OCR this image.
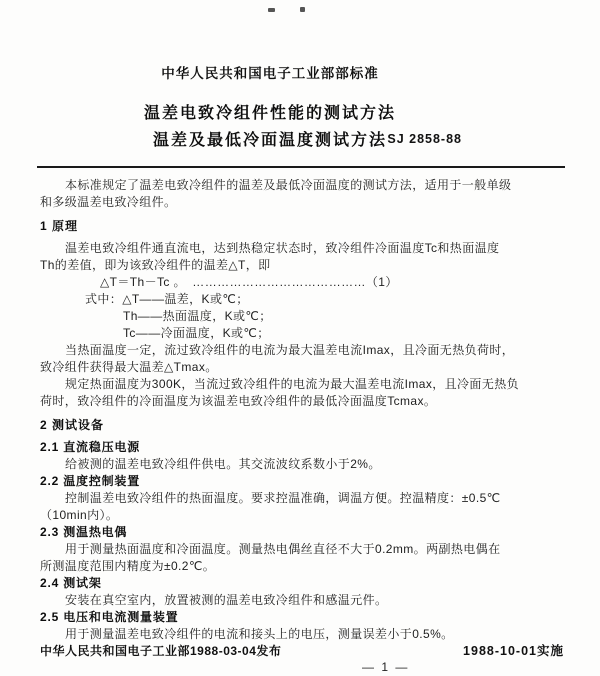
中华人民共和国电子工业部部标准
温差电致冷组件性能的测试方法
温差及最低冷面温度测试方法 SJ 2858-88
本标准规定了温差电致冷组件的温差及最低冷面温度的测试方法，适用于一般单级
和多级温差电致冷组件。
1 原理
温差电致冷组件通直流电，达到热稳定状态时，致冷组件冷面温度Tc和热面温度
Th的差值，即为该致冷组件的温差△T，即
△T＝Th－Tc 。　……………………………………（1）
式中：△T——温差，K或℃；
Th——热面温度，K或℃；
Tc——冷面温度，K或℃；
当热面温度一定，流过致冷组件的电流为最大温差电流Imax，且冷面无热负荷时，
致冷组件获得最大温差△Tmax。
规定热面温度为300K，当流过致冷组件的电流为最大温差电流Imax，且冷面无热负
荷时，致冷组件的冷面温度为该温差电致冷组件的最低冷面温度Tcmax。
2 测试设备
2.1 直流稳压电源
给被测的温差电致冷组件供电。其交流波纹系数小于2%。
2.2 温度控制装置
控制温差电致冷组件的热面温度。要求控温准确，调温方便。控温精度：±0.5℃
（10min内）。
2.3 测温热电偶
用于测量热面温度和冷面温度。测量热电偶丝直径不大于0.2mm。两副热电偶在
所测温度范围内精度为±0.2℃。
2.4 测试架
安装在真空室内，放置被测的温差电致冷组件和感温元件。
2.5 电压和电流测量装置
用于测量温差电致冷组件的电流和接头上的电压，测量误差小于0.5%。
中华人民共和国电子工业部1988-03-04发布	1988-10-01实施
— 1 —
